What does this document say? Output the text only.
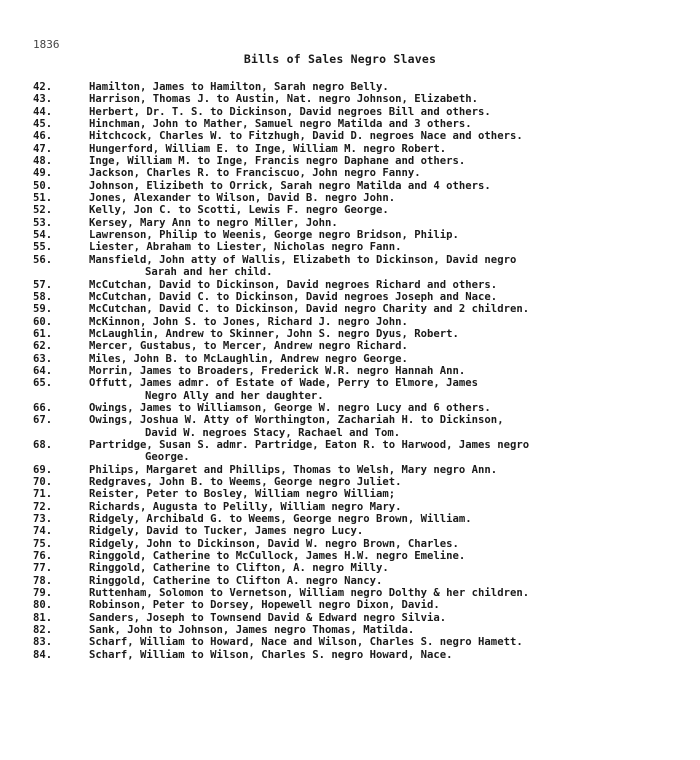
1836
Bills of Sales Negro Slaves
42.	Hamilton, James to Hamilton, Sarah negro Belly.
43.	Harrison, Thomas J. to Austin, Nat. negro Johnson, Elizabeth.
44.	Herbert, Dr. T. S. to Dickinson, David negroes Bill and others.
45.	Hinchman, John to Mather, Samuel negro Matilda and 3 others.
46.	Hitchcock, Charles W. to Fitzhugh, David D. negroes Nace and others.
47.	Hungerford, William E. to Inge, William M. negro Robert.
48.	Inge, William M. to Inge, Francis negro Daphane and others.
49.	Jackson, Charles R. to Franciscuo, John negro Fanny.
50.	Johnson, Elizibeth to Orrick, Sarah negro Matilda and 4 others.
51.	Jones, Alexander to Wilson, David B. negro John.
52.	Kelly, Jon C. to Scotti, Lewis F. negro George.
53.	Kersey, Mary Ann to negro Miller, John.
54.	Lawrenson, Philip to Weenis, George negro Bridson, Philip.
55.	Liester, Abraham to Liester, Nicholas negro Fann.
56.	Mansfield, John atty of Wallis, Elizabeth to Dickinson, David negro
Sarah and her child.
57.	McCutchan, David to Dickinson, David negroes Richard and others.
58.	McCutchan, David C. to Dickinson, David negroes Joseph and Nace.
59.	McCutchan, David C. to Dickinson, David negro Charity and 2 children.
60.	McKinnon, John S. to Jones, Richard J. negro John.
61.	McLaughlin, Andrew to Skinner, John S. negro Dyus, Robert.
62.	Mercer, Gustabus, to Mercer, Andrew negro Richard.
63.	Miles, John B. to McLaughlin, Andrew negro George.
64.	Morrin, James to Broaders, Frederick W.R. negro Hannah Ann.
65.	Offutt, James admr. of Estate of Wade, Perry to Elmore, James
Negro Ally and her daughter.
66.	Owings, James to Williamson, George W. negro Lucy and 6 others.
67.	Owings, Joshua W. Atty of Worthington, Zachariah H. to Dickinson,
David W. negroes Stacy, Rachael and Tom.
68.	Partridge, Susan S. admr. Partridge, Eaton R. to Harwood, James negro
George.
69.	Philips, Margaret and Phillips, Thomas to Welsh, Mary negro Ann.
70.	Redgraves, John B. to Weems, George negro Juliet.
71.	Reister, Peter to Bosley, William negro William;
72.	Richards, Augusta to Pelilly, William negro Mary.
73.	Ridgely, Archibald G. to Weems, George negro Brown, William.
74.	Ridgely, David to Tucker, James negro Lucy.
75.	Ridgely, John to Dickinson, David W. negro Brown, Charles.
76.	Ringgold, Catherine to McCullock, James H.W. negro Emeline.
77.	Ringgold, Catherine to Clifton, A. negro Milly.
78.	Ringgold, Catherine to Clifton A. negro Nancy.
79.	Ruttenham, Solomon to Vernetson, William negro Dolthy & her children.
80.	Robinson, Peter to Dorsey, Hopewell negro Dixon, David.
81.	Sanders, Joseph to Townsend David & Edward negro Silvia.
82.	Sank, John to Johnson, James negro Thomas, Matilda.
83.	Scharf, William to Howard, Nace and Wilson, Charles S. negro Hamett.
84.	Scharf, William to Wilson, Charles S. negro Howard, Nace.
